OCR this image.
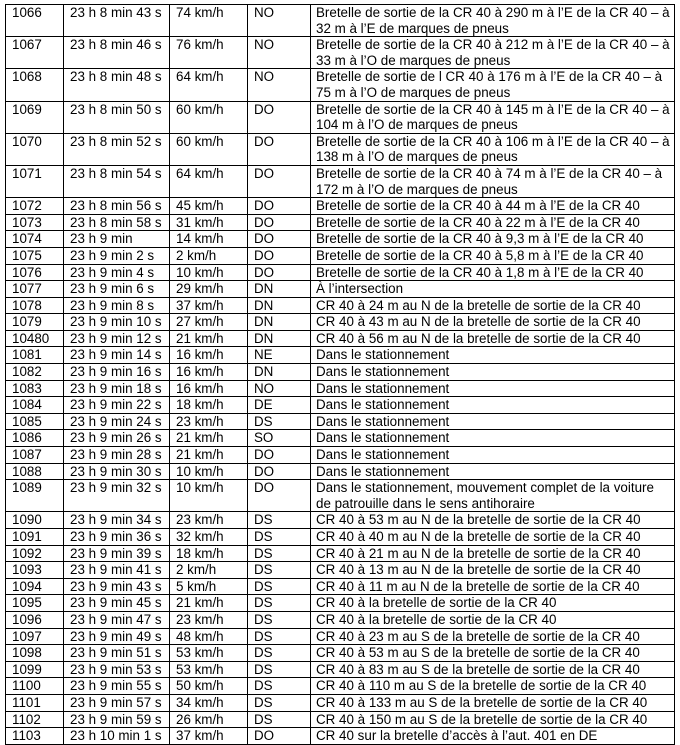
1066	23 h 8 min 43 s	74 km/h	NO	Bretelle de sortie de la CR 40 à 290 m à l’E de la CR 40 – à 32 m à l’E de marques de pneus
1067	23 h 8 min 46 s	76 km/h	NO	Bretelle de sortie de la CR 40 à 212 m à l’E de la CR 40 – à 33 m à l’O de marques de pneus
1068	23 h 8 min 48 s	64 km/h	NO	Bretelle de sortie de l CR 40 à 176 m à l’E de la CR 40 – à 75 m à l’O de marques de pneus
1069	23 h 8 min 50 s	60 km/h	DO	Bretelle de sortie de la CR 40 à 145 m à l’E de la CR 40 – à 104 m à l’O de marques de pneus
1070	23 h 8 min 52 s	60 km/h	DO	Bretelle de sortie de la CR 40 à 106 m à l’E de la CR 40 – à 138 m à l’O de marques de pneus
1071	23 h 8 min 54 s	64 km/h	DO	Bretelle de sortie de la CR 40 à 74 m à l’E de la CR 40 – à 172 m à l’O de marques de pneus
1072	23 h 8 min 56 s	45 km/h	DO	Bretelle de sortie de la CR 40 à 44 m à l’E de la CR 40
1073	23 h 8 min 58 s	31 km/h	DO	Bretelle de sortie de la CR 40 à 22 m à l’E de la CR 40
1074	23 h 9 min	14 km/h	DO	Bretelle de sortie de la CR 40 à 9,3 m à l’E de la CR 40
1075	23 h 9 min 2 s	2 km/h	DO	Bretelle de sortie de la CR 40 à 5,8 m à l’E de la CR 40
1076	23 h 9 min 4 s	10 km/h	DO	Bretelle de sortie de la CR 40 à 1,8 m à l’E de la CR 40
1077	23 h 9 min 6 s	29 km/h	DN	À l’intersection
1078	23 h 9 min 8 s	37 km/h	DN	CR 40 à 24 m au N de la bretelle de sortie de la CR 40
1079	23 h 9 min 10 s	27 km/h	DN	CR 40 à 43 m au N de la bretelle de sortie de la CR 40
10480	23 h 9 min 12 s	21 km/h	DN	CR 40 à 56 m au N de la bretelle de sortie de la CR 40
1081	23 h 9 min 14 s	16 km/h	NE	Dans le stationnement
1082	23 h 9 min 16 s	16 km/h	DN	Dans le stationnement
1083	23 h 9 min 18 s	16 km/h	NO	Dans le stationnement
1084	23 h 9 min 22 s	18 km/h	DE	Dans le stationnement
1085	23 h 9 min 24 s	23 km/h	DS	Dans le stationnement
1086	23 h 9 min 26 s	21 km/h	SO	Dans le stationnement
1087	23 h 9 min 28 s	21 km/h	DO	Dans le stationnement
1088	23 h 9 min 30 s	10 km/h	DO	Dans le stationnement
1089	23 h 9 min 32 s	10 km/h	DO	Dans le stationnement, mouvement complet de la voiture de patrouille dans le sens antihoraire
1090	23 h 9 min 34 s	23 km/h	DS	CR 40 à 53 m au N de la bretelle de sortie de la CR 40
1091	23 h 9 min 36 s	32 km/h	DS	CR 40 à 40 m au N de la bretelle de sortie de la CR 40
1092	23 h 9 min 39 s	18 km/h	DS	CR 40 à 21 m au N de la bretelle de sortie de la CR 40
1093	23 h 9 min 41 s	2 km/h	DS	CR 40 à 13 m au N de la bretelle de sortie de la CR 40
1094	23 h 9 min 43 s	5 km/h	DS	CR 40 à 11 m au N de la bretelle de sortie de la CR 40
1095	23 h 9 min 45 s	21 km/h	DS	CR 40 à la bretelle de sortie de la CR 40
1096	23 h 9 min 47 s	23 km/h	DS	CR 40 à la bretelle de sortie de la CR 40
1097	23 h 9 min 49 s	48 km/h	DS	CR 40 à 23 m au S de la bretelle de sortie de la CR 40
1098	23 h 9 min 51 s	53 km/h	DS	CR 40 à 53 m au S de la bretelle de sortie de la CR 40
1099	23 h 9 min 53 s	53 km/h	DS	CR 40 à 83 m au S de la bretelle de sortie de la CR 40
1100	23 h 9 min 55 s	50 km/h	DS	CR 40 à 110 m au S de la bretelle de sortie de la CR 40
1101	23 h 9 min 57 s	34 km/h	DS	CR 40 à 133 m au S de la bretelle de sortie de la CR 40
1102	23 h 9 min 59 s	26 km/h	DS	CR 40 à 150 m au S de la bretelle de sortie de la CR 40
1103	23 h 10 min 1 s	37 km/h	DO	CR 40 sur la bretelle d’accès à l’aut. 401 en DE
